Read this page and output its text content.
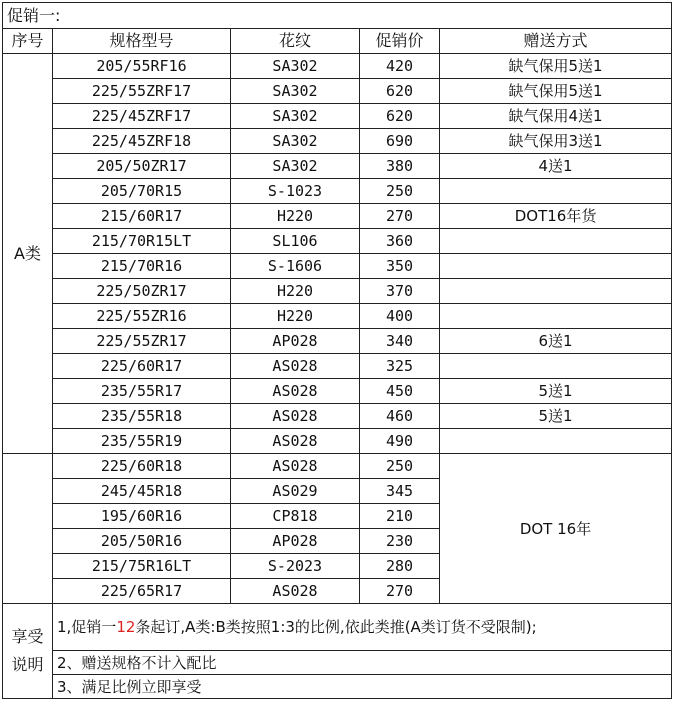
促销一:				
序号	规格型号	花纹	促销价	赠送方式
A类	205/55RF16	SA302	420	缺气保用5送1
	225/55ZRF17	SA302	620	缺气保用5送1
	225/45ZRF17	SA302	620	缺气保用4送1
	225/45ZRF18	SA302	690	缺气保用3送1
	205/50ZR17	SA302	380	4送1
	205/70R15	S-1023	250	
	215/60R17	H220	270	DOT16年货
	215/70R15LT	SL106	360	
	215/70R16	S-1606	350	
	225/50ZR17	H220	370	
	225/55ZR16	H220	400	
	225/55ZR17	AP028	340	6送1
	225/60R17	AS028	325	
	235/55R17	AS028	450	5送1
	235/55R18	AS028	460	5送1
	235/55R19	AS028	490	
	225/60R18	AS028	250	DOT 16年
	245/45R18	AS029	345	
	195/60R16	CP818	210	
	205/50R16	AP028	230	
	215/75R16LT	S-2023	280	
	225/65R17	AS028	270	
享受说明	1,促销一12条起订,A类:B类按照1:3的比例,依此类推(A类订货不受限制);			
	2、赠送规格不计入配比			
	3、满足比例立即享受			
